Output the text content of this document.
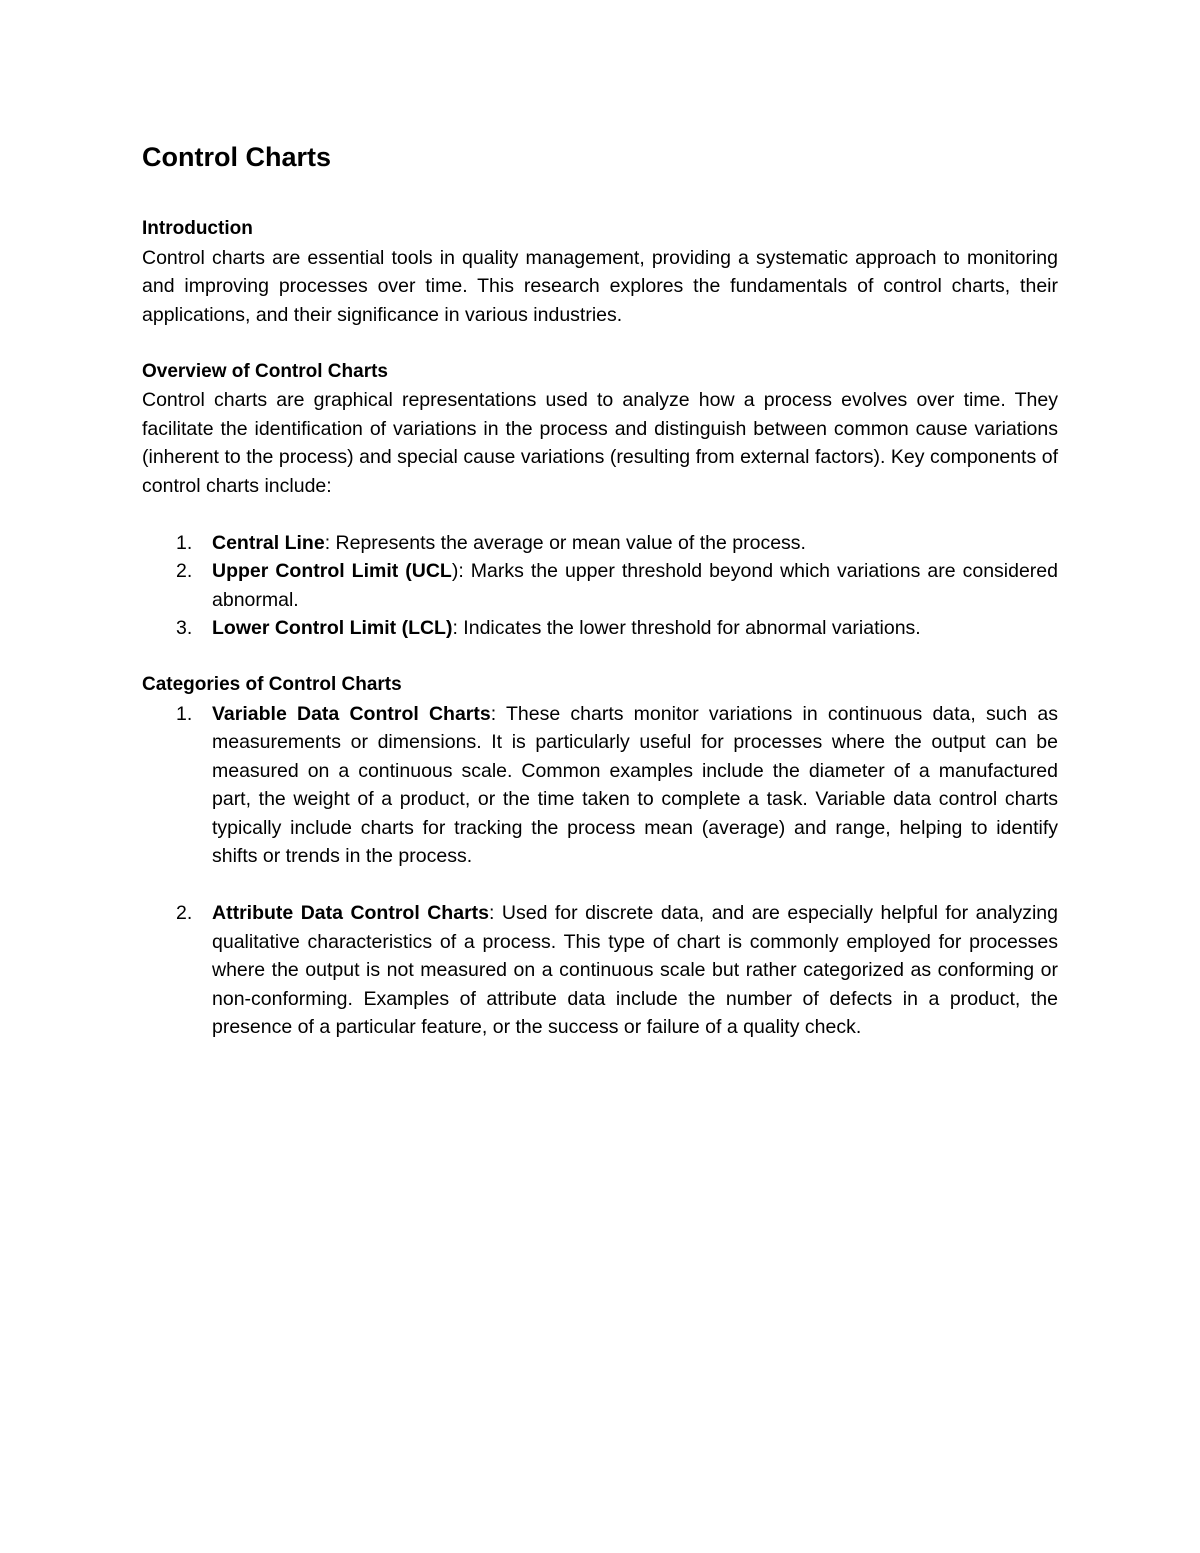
Control Charts
Introduction

Control charts are essential tools in quality management, providing a systematic approach to monitoring and improving processes over time. This research explores the fundamentals of control charts, their applications, and their significance in various industries.

Overview of Control Charts

Control charts are graphical representations used to analyze how a process evolves over time. They facilitate the identification of variations in the process and distinguish between common cause variations (inherent to the process) and special cause variations (resulting from external factors). Key components of control charts include:

1. Central Line: Represents the average or mean value of the process.
2. Upper Control Limit (UCL): Marks the upper threshold beyond which variations are considered abnormal.
3. Lower Control Limit (LCL): Indicates the lower threshold for abnormal variations.
Categories of Control Charts
1. Variable Data Control Charts: These charts monitor variations in continuous data, such as measurements or dimensions. It is particularly useful for processes where the output can be measured on a continuous scale. Common examples include the diameter of a manufactured part, the weight of a product, or the time taken to complete a task. Variable data control charts typically include charts for tracking the process mean (average) and range, helping to identify shifts or trends in the process.
2. Attribute Data Control Charts: Used for discrete data, and are especially helpful for analyzing qualitative characteristics of a process. This type of chart is commonly employed for processes where the output is not measured on a continuous scale but rather categorized as conforming or non-conforming. Examples of attribute data include the number of defects in a product, the presence of a particular feature, or the success or failure of a quality check.
